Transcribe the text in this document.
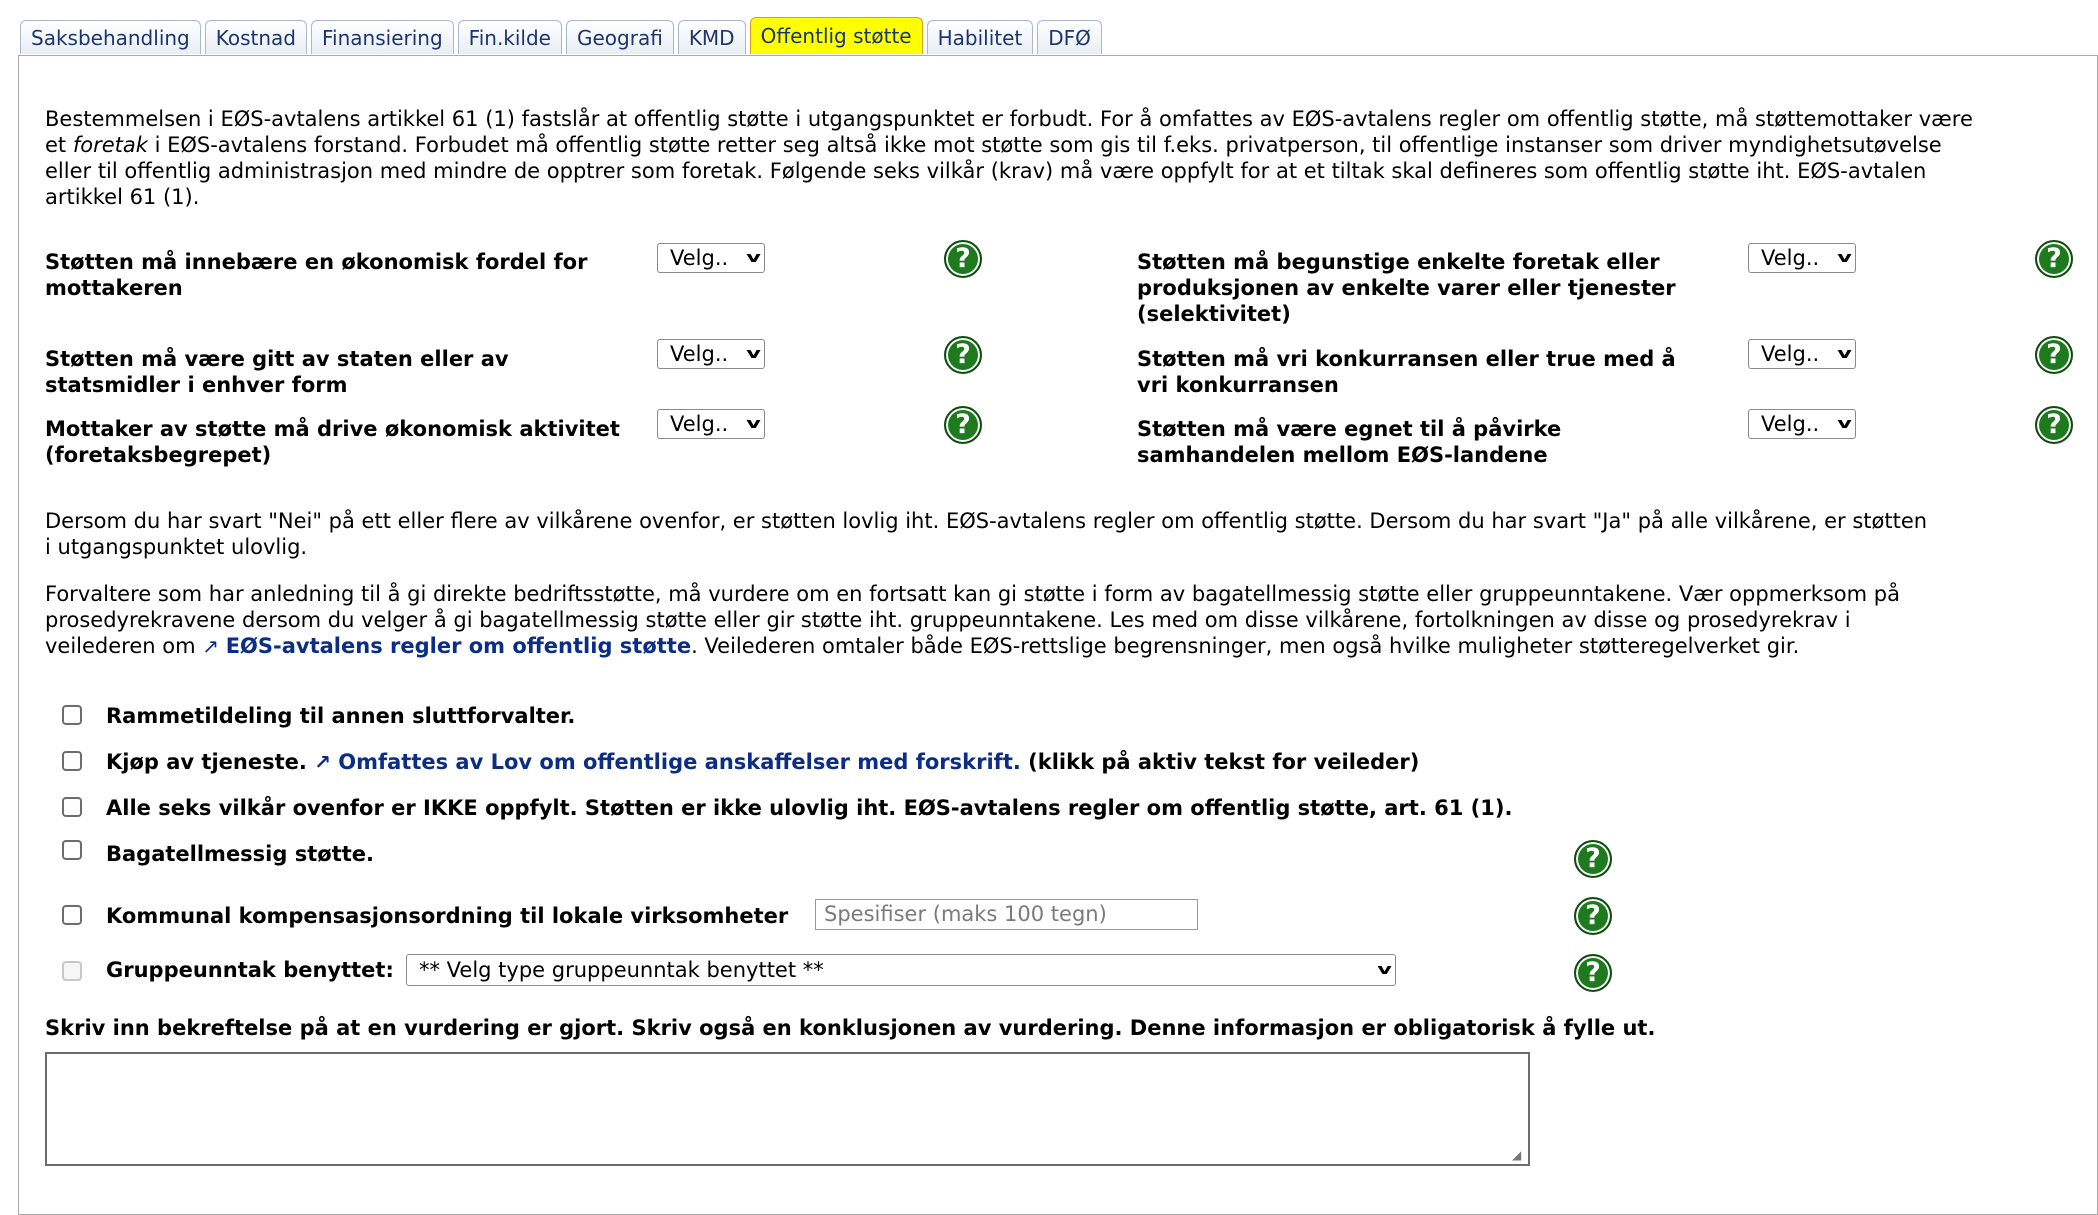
Saksbehandling	Kostnad	Finansiering	Fin.kilde	Geografi	KMD	Offentlig støtte	Habilitet	DFØ
Bestemmelsen i EØS-avtalens artikkel 61 (1) fastslår at offentlig støtte i utgangspunktet er forbudt. For å omfattes av EØS-avtalens regler om offentlig støtte, må støttemottaker være
et foretak i EØS-avtalens forstand. Forbudet må offentlig støtte retter seg altså ikke mot støtte som gis til f.eks. privatperson, til offentlige instanser som driver myndighetsutøvelse
eller til offentlig administrasjon med mindre de opptrer som foretak. Følgende seks vilkår (krav) må være oppfylt for at et tiltak skal defineres som offentlig støtte iht. EØS-avtalen
artikkel 61 (1).
Støtten må innebære en økonomisk fordel for
mottakeren
Velg.. v	?
Støtten må være gitt av staten eller av
statsmidler i enhver form
Velg.. v	?
Mottaker av støtte må drive økonomisk aktivitet
(foretaksbegrepet)
Velg.. v	?
Støtten må begunstige enkelte foretak eller
produksjonen av enkelte varer eller tjenester
(selektivitet)
Velg.. v	?
Støtten må vri konkurransen eller true med å
vri konkurransen
Velg.. v	?
Støtten må være egnet til å påvirke
samhandelen mellom EØS-landene
Velg.. v	?
Dersom du har svart "Nei" på ett eller flere av vilkårene ovenfor, er støtten lovlig iht. EØS-avtalens regler om offentlig støtte. Dersom du har svart "Ja" på alle vilkårene, er støtten
i utgangspunktet ulovlig.
Forvaltere som har anledning til å gi direkte bedriftsstøtte, må vurdere om en fortsatt kan gi støtte i form av bagatellmessig støtte eller gruppeunntakene. Vær oppmerksom på
prosedyrekravene dersom du velger å gi bagatellmessig støtte eller gir støtte iht. gruppeunntakene. Les med om disse vilkårene, fortolkningen av disse og prosedyrekrav i
veilederen om ↗ EØS-avtalens regler om offentlig støtte. Veilederen omtaler både EØS-rettslige begrensninger, men også hvilke muligheter støtteregelverket gir.
Rammetildeling til annen sluttforvalter.
Kjøp av tjeneste. ↗ Omfattes av Lov om offentlige anskaffelser med forskrift. (klikk på aktiv tekst for veileder)
Alle seks vilkår ovenfor er IKKE oppfylt. Støtten er ikke ulovlig iht. EØS-avtalens regler om offentlig støtte, art. 61 (1).
Bagatellmessig støtte.	?
Kommunal kompensasjonsordning til lokale virksomheter	Spesifiser (maks 100 tegn)	?
Gruppeunntak benyttet: ** Velg type gruppeunntak benyttet **	v	?
Skriv inn bekreftelse på at en vurdering er gjort. Skriv også en konklusjonen av vurdering. Denne informasjon er obligatorisk å fylle ut.
◢
